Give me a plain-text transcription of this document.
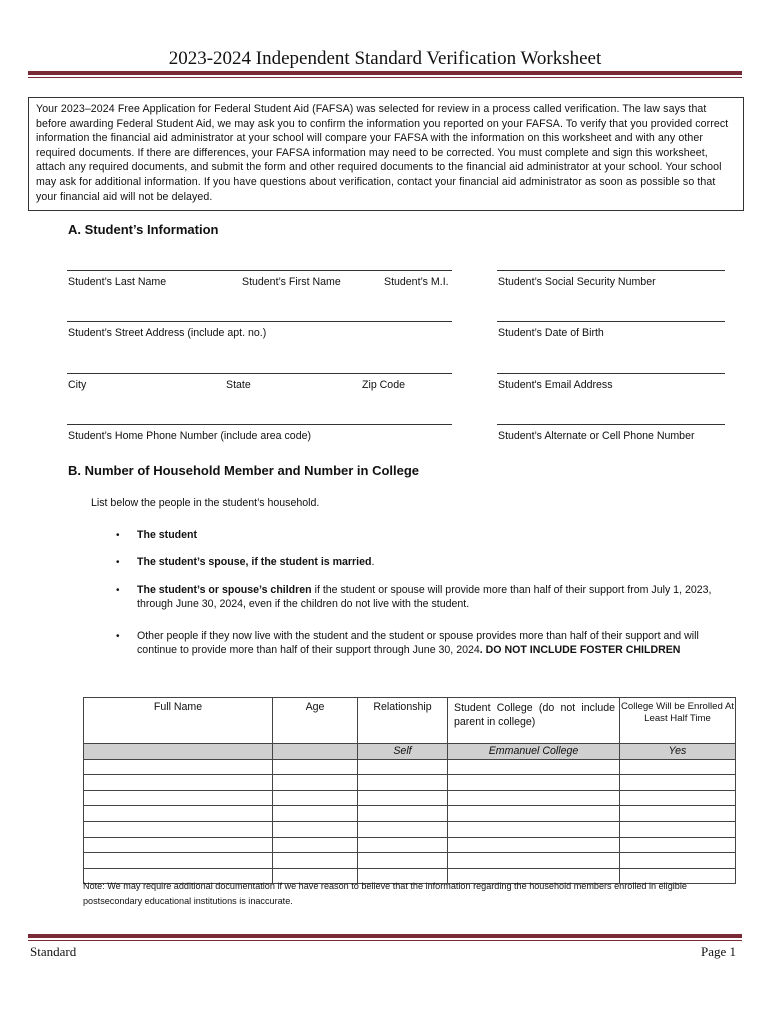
2023-2024 Independent Standard Verification Worksheet
Your 2023–2024 Free Application for Federal Student Aid (FAFSA) was selected for review in a process called verification. The law says that before awarding Federal Student Aid, we may ask you to confirm the information you reported on your FAFSA. To verify that you provided correct information the financial aid administrator at your school will compare your FAFSA with the information on this worksheet and with any other required documents. If there are differences, your FAFSA information may need to be corrected. You must complete and sign this worksheet, attach any required documents, and submit the form and other required documents to the financial aid administrator at your school. Your school may ask for additional information. If you have questions about verification, contact your financial aid administrator as soon as possible so that your financial aid will not be delayed.
A. Student’s Information
Student’s Last Name	Student’s First Name	Student’s M.I.	Student’s Social Security Number
Student’s Street Address (include apt. no.)	Student’s Date of Birth
City	State	Zip Code	Student's Email Address
Student’s Home Phone Number (include area code)	Student’s Alternate or Cell Phone Number
B. Number of Household Member and Number in College
List below the people in the student’s household.
• The student
• The student’s spouse, if the student is married.
• The student’s or spouse’s children if the student or spouse will provide more than half of their support from July 1, 2023, through June 30, 2024, even if the children do not live with the student.
• Other people if they now live with the student and the student or spouse provides more than half of their support and will continue to provide more than half of their support through June 30, 2024. DO NOT INCLUDE FOSTER CHILDREN
Full Name	Age	Relationship	Student College (do not include parent in college)	College Will be Enrolled At Least Half Time
		Self	Emmanuel College	Yes

Note: We may require additional documentation if we have reason to believe that the information regarding the household members enrolled in eligible postsecondary educational institutions is inaccurate.
Standard	Page 1
